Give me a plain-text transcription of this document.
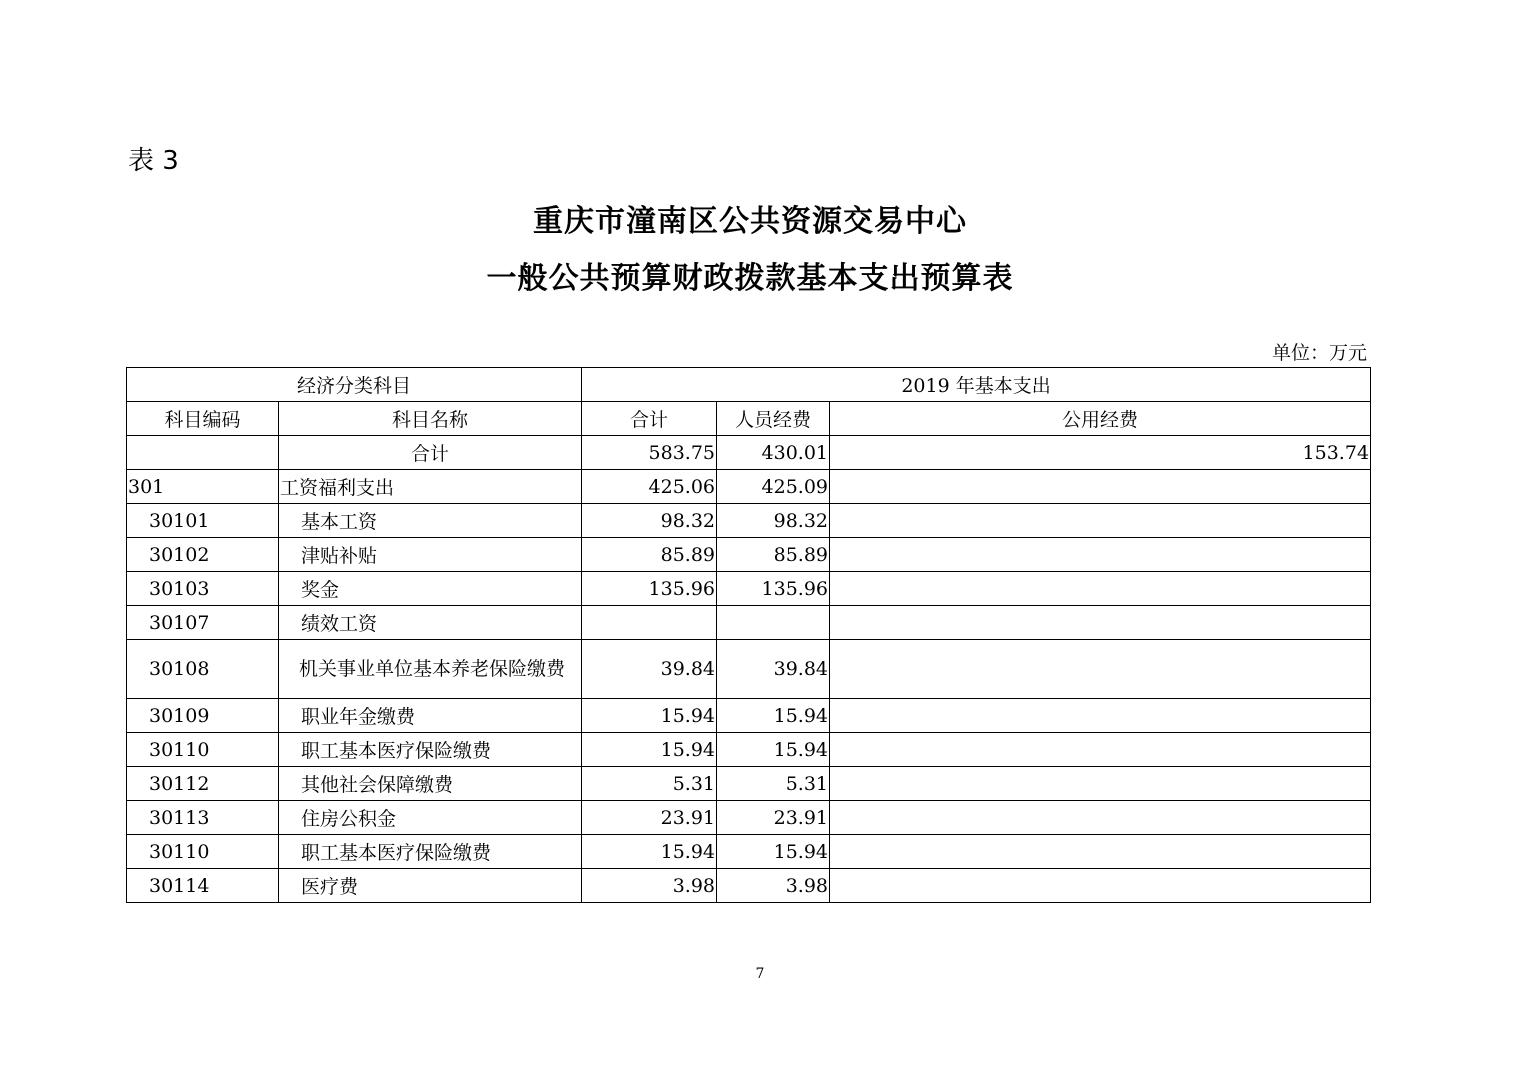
表 3
重庆市潼南区公共资源交易中心
一般公共预算财政拨款基本支出预算表
单位：万元
经济分类科目		2019 年基本支出		
科目编码	科目名称	合计	人员经费	公用经费
	合计	583.75	430.01	153.74
301	工资福利支出	425.06	425.09	
30101	基本工资	98.32	98.32	
30102	津贴补贴	85.89	85.89	
30103	奖金	135.96	135.96	
30107	绩效工资			
30108	　机关事业单位基本养老保险缴费	39.84	39.84	
30109	职业年金缴费	15.94	15.94	
30110	职工基本医疗保险缴费	15.94	15.94	
30112	其他社会保障缴费	5.31	5.31	
30113	住房公积金	23.91	23.91	
30110	职工基本医疗保险缴费	15.94	15.94	
30114	医疗费	3.98	3.98	
7
